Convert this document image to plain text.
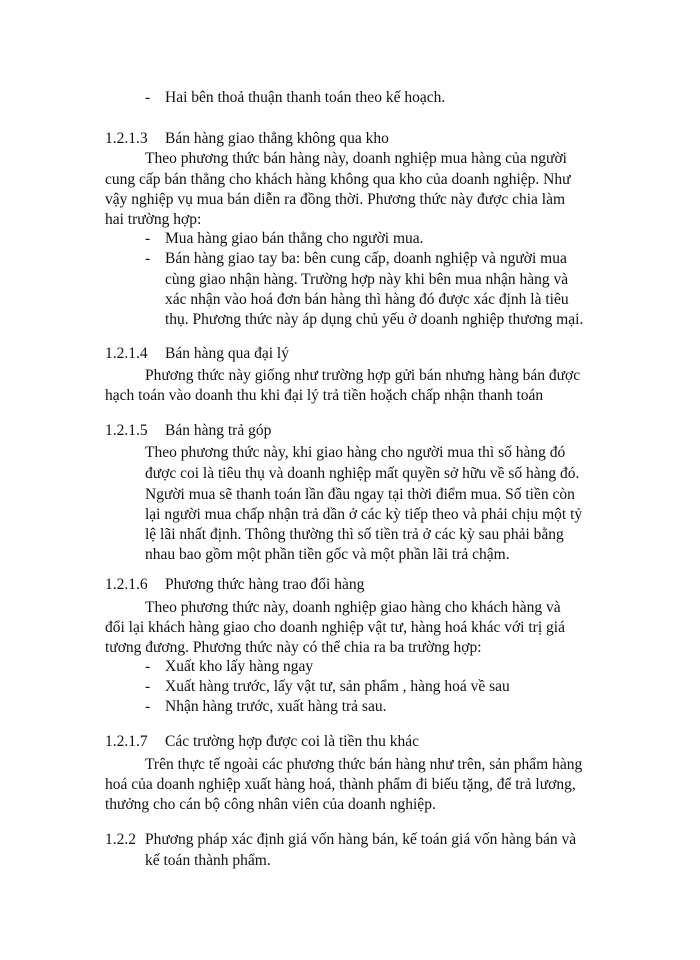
- Hai bên thoả thuận thanh toán theo kế hoạch.
1.2.1.3 Bán hàng giao thẳng không qua kho
Theo phương thức bán hàng này, doanh nghiệp mua hàng của người
cung cấp bán thẳng cho khách hàng không qua kho của doanh nghiệp. Như
vậy nghiệp vụ mua bán diễn ra đồng thời. Phương thức này được chia làm
hai trường hợp:
- Mua hàng giao bán thẳng cho người mua.
- Bán hàng giao tay ba: bên cung cấp, doanh nghiệp và người mua
cùng giao nhận hàng. Trường hợp này khi bên mua nhận hàng và
xác nhận vào hoá đơn bán hàng thì hàng đó được xác định là tiêu
thụ. Phương thức này áp dụng chủ yếu ở doanh nghiệp thương mại.
1.2.1.4 Bán hàng qua đại lý
Phương thức này giống như trường hợp gửi bán nhưng hàng bán được
hạch toán vào doanh thu khi đại lý trả tiền hoặch chấp nhận thanh toán
1.2.1.5 Bán hàng trả góp
Theo phương thức này, khi giao hàng cho người mua thì số hàng đó
được coi là tiêu thụ và doanh nghiệp mất quyền sở hữu về số hàng đó.
Người mua sẽ thanh toán lần đầu ngay tại thời điểm mua. Số tiền còn
lại người mua chấp nhận trả dần ở các kỳ tiếp theo và phải chịu một tỷ
lệ lãi nhất định. Thông thường thì số tiền trả ở các kỳ sau phải bằng
nhau bao gồm một phần tiền gốc và một phần lãi trả chậm.
1.2.1.6 Phương thức hàng trao đổi hàng
Theo phương thức này, doanh nghiệp giao hàng cho khách hàng và
đổi lại khách hàng giao cho doanh nghiệp vật tư, hàng hoá khác với trị giá
tương đương. Phương thức này có thể chia ra ba trường hợp:
- Xuất kho lấy hàng ngay
- Xuất hàng trước, lấy vật tư, sản phẩm , hàng hoá về sau
- Nhận hàng trước, xuất hàng trả sau.
1.2.1.7 Các trường hợp được coi là tiền thu khác
Trên thực tế ngoài các phương thức bán hàng như trên, sản phẩm hàng
hoá của doanh nghiệp xuất hàng hoá, thành phẩm đi biếu tặng, để trả lương,
thưởng cho cán bộ công nhân viên của doanh nghiệp.
1.2.2 Phương pháp xác định giá vốn hàng bán, kế toán giá vốn hàng bán và
kế toán thành phẩm.
